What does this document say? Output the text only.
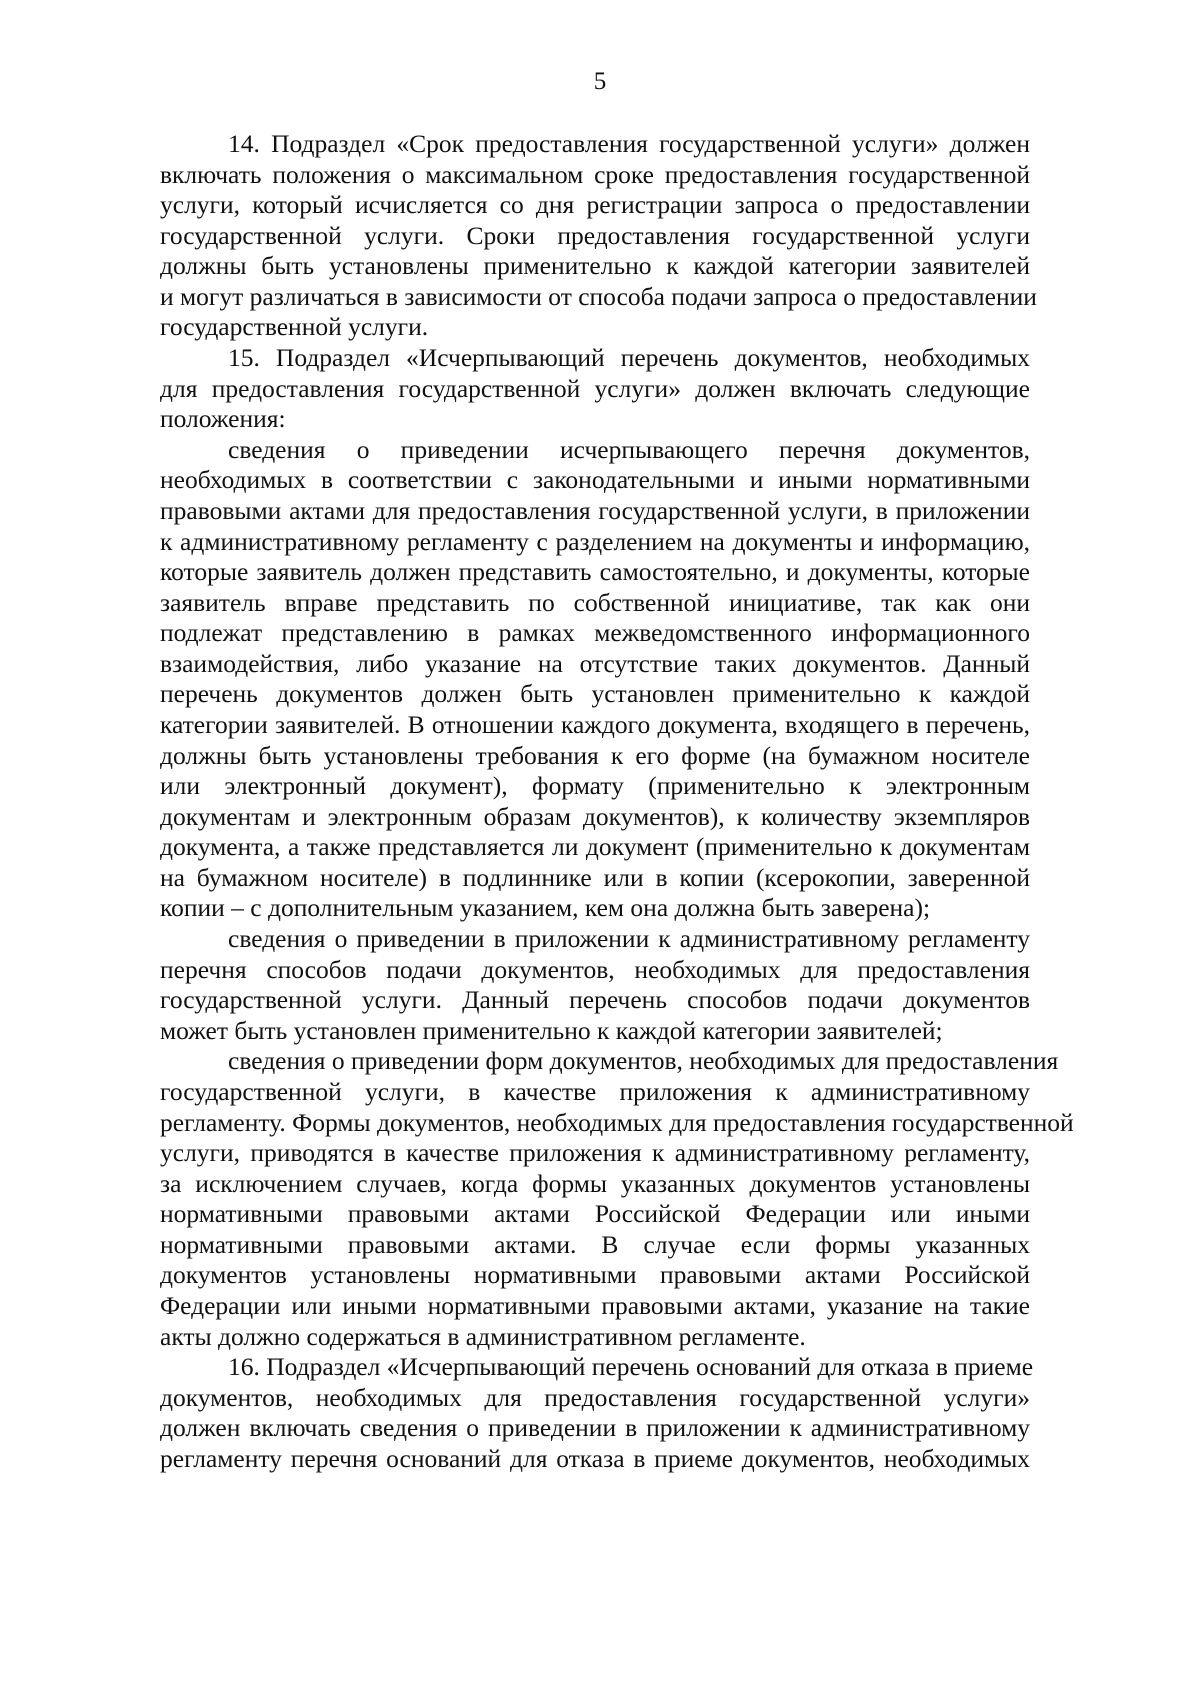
5
14. Подраздел «Срок предоставления государственной услуги» должен
включать положения о максимальном сроке предоставления государственной
услуги, который исчисляется со дня регистрации запроса о предоставлении
государственной услуги. Сроки предоставления государственной услуги
должны быть установлены применительно к каждой категории заявителей
и могут различаться в зависимости от способа подачи запроса о предоставлении
государственной услуги.
15. Подраздел «Исчерпывающий перечень документов, необходимых
для предоставления государственной услуги» должен включать следующие
положения:
сведения о приведении исчерпывающего перечня документов,
необходимых в соответствии с законодательными и иными нормативными
правовыми актами для предоставления государственной услуги, в приложении
к административному регламенту с разделением на документы и информацию,
которые заявитель должен представить самостоятельно, и документы, которые
заявитель вправе представить по собственной инициативе, так как они
подлежат представлению в рамках межведомственного информационного
взаимодействия, либо указание на отсутствие таких документов. Данный
перечень документов должен быть установлен применительно к каждой
категории заявителей. В отношении каждого документа, входящего в перечень,
должны быть установлены требования к его форме (на бумажном носителе
или электронный документ), формату (применительно к электронным
документам и электронным образам документов), к количеству экземпляров
документа, а также представляется ли документ (применительно к документам
на бумажном носителе) в подлиннике или в копии (ксерокопии, заверенной
копии – с дополнительным указанием, кем она должна быть заверена);
сведения о приведении в приложении к административному регламенту
перечня способов подачи документов, необходимых для предоставления
государственной услуги. Данный перечень способов подачи документов
может быть установлен применительно к каждой категории заявителей;
сведения о приведении форм документов, необходимых для предоставления
государственной услуги, в качестве приложения к административному
регламенту. Формы документов, необходимых для предоставления государственной
услуги, приводятся в качестве приложения к административному регламенту,
за исключением случаев, когда формы указанных документов установлены
нормативными правовыми актами Российской Федерации или иными
нормативными правовыми актами. В случае если формы указанных
документов установлены нормативными правовыми актами Российской
Федерации или иными нормативными правовыми актами, указание на такие
акты должно содержаться в административном регламенте.
16. Подраздел «Исчерпывающий перечень оснований для отказа в приеме
документов, необходимых для предоставления государственной услуги»
должен включать сведения о приведении в приложении к административному
регламенту перечня оснований для отказа в приеме документов, необходимых
